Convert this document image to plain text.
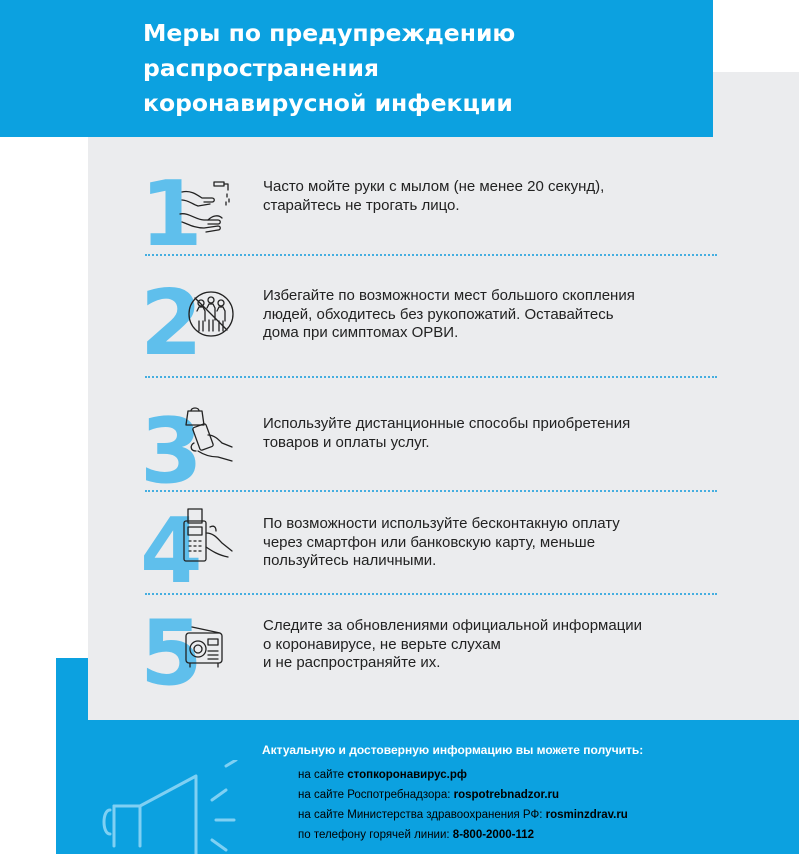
Меры по предупреждению
распространения
коронавирусной инфекции
1	Часто мойте руки с мылом (не менее 20 секунд),
старайтесь не трогать лицо.
2	Избегайте по возможности мест большого скопления
людей, обходитесь без рукопожатий. Оставайтесь
дома при симптомах ОРВИ.
3	Используйте дистанционные способы приобретения
товаров и оплаты услуг.
4	По возможности используйте бесконтакную оплату
через смартфон или банковскую карту, меньше
пользуйтесь наличными.
5	Следите за обновлениями официальной информации
о коронавирусе, не верьте слухам
и не распространяйте их.
Актуальную и достоверную информацию вы можете получить:
на сайте стопкоронавирус.рф
на сайте Роспотребнадзора: rospotrebnadzor.ru
на сайте Министерства здравоохранения РФ: rosminzdrav.ru
по телефону горячей линии: 8-800-2000-112
